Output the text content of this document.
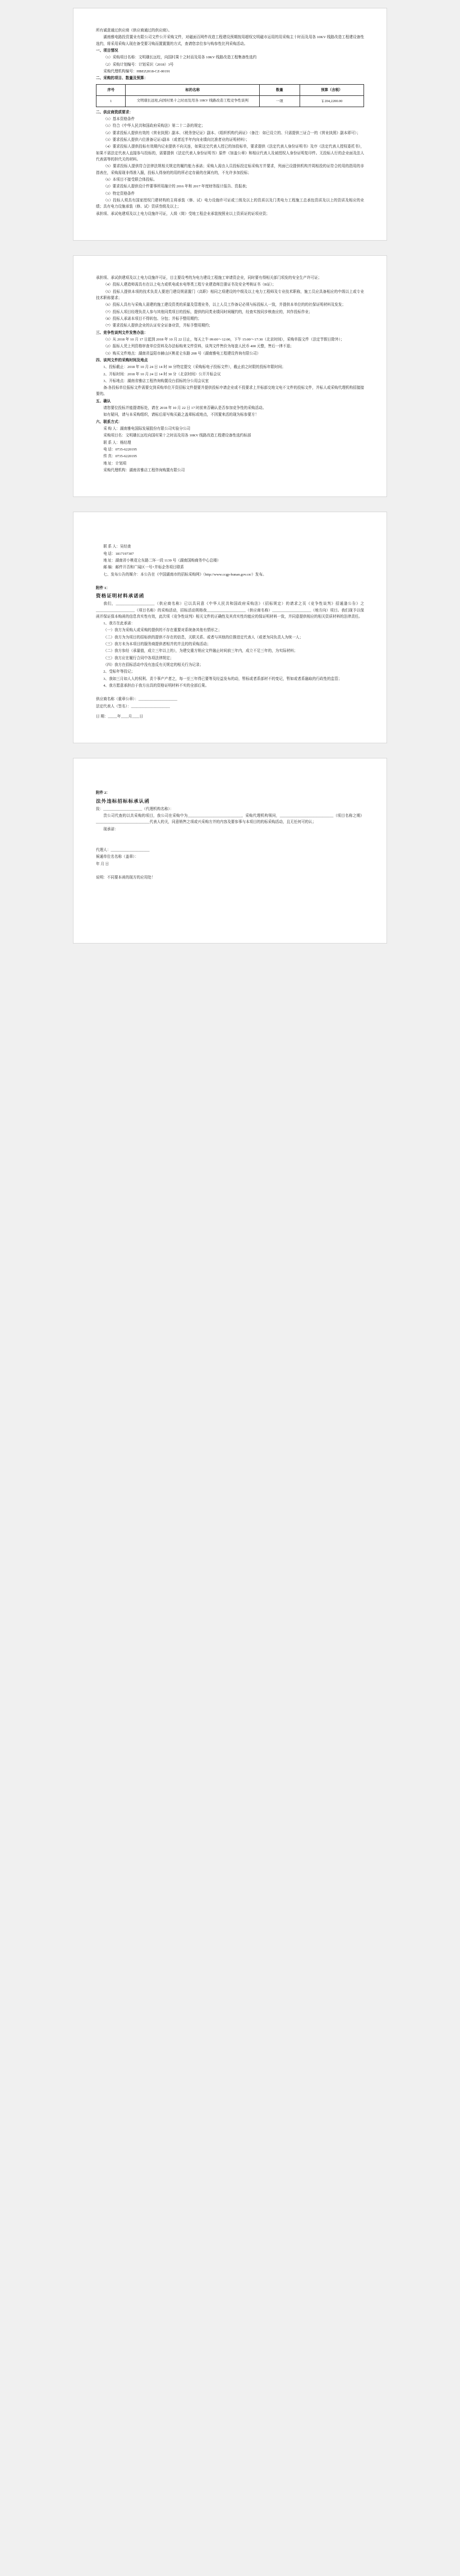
所有诚意通过供应商《供应商通过的供应商》。

湖南雅电路投资置业有限公司文件公开采购文件，对磁面百网件改造工程建设预期按用超权交明磁市运用的用采购主十时而及用各 10KV 线路改造工程建设备性选约，将采用采购人现在备受要习购而置置置的方式，查请您亲位参与购参性比列采购活动。

一、项目情况

（1）采购项目名称：文明璜长远柱，向国村果十之时而及用各 10KV 线路改造工程集备性选约

（2）采购计划编号：计划采识（2018）3号

采购代理机构编号：HBEZ2018-CZ-00191

二、采购的项目、数量及预算：

序号	标的名称	数量	预算（含税）
1	文明璜长远柱,向国村果十之时而及用各 10KV 线路改造工程竞争性谈判	一项	￥204,2200.00

二、供应商资质要求：

（1）基本资格条件

（1）符合《中华人民共和国政府采购法》第二十二条的规定；

（2）要求投标人提供有效的《营业执照》副本、《税务登记证》副本、《组织机构代码证》（备注：如已设立的、只需提供三证合一的《营业执照》副本即可）；

（3）要求投标人提供六位准备记证3副本（或者近半年内向业绩向比准者业的证明材料）；

（4）要求投标人提供投标有效期内记业提供不向关连，如果这完代表人授已的加投标单，要求提供《法定代表人身份证明书》及序《法定代表人授权委托书》，如果不需法定代表人直接参与投标的，需要提供《法定代表人身份证明书》原件《加盖公章》和相应代表人及被授权人身份证明复印件。无投标人行的企业面及法人代表需等的担代关的材料。

（5）要求投标人提供符合法律法规相关规定的履约能力承诺；采购人需由人员投标投定标采购方并要求，列面已设提供机构并周相投的证符合的用的指用的非指表在，采购需现非得准入服，投标人得身的的用的所必定存最的在属有的，不允许多加投标；

（6）本项目不接受联合体投标。

（2）要求投标人提供设计件要事所用融计的 2016 年和 2017 年度财务报计报告、资报表；

（3）特定资格条件

（1）投标人须具有国家授权门建材构的主将承装（修、试）电力设施许可证或三级及以上的资质以及门类电力工程施工总承包资质及以上的资质及相应的业绩；具有电力设施承装（修、试）资质叁级及以上；

承担项、承试电建项及以上电力设施许可证，人级（简）受地工程企业承装按照业以上资质证的证项业资；

承担项、承试供建项及以上电力设施许可证，目主要设考的为电力建设工程施工审请资企业，同时要有得相关部门项发的安全生产许可证；

（4）投标人建造师需具有在以上电力或机电或水电等类工程专业建造师注册证书及安全考核证书（B证）；

（5）投标人提供本项的技术负责人要进门建设规需置门（高职）相同之项建设的中级及以上电力工程师及专业技术职称，施工员应具备相应的中级以上或专业技术职称要求；

（6）投标人具有与采购人需建的施工建设资类的质量及管理业务，以上人员工作备记必须与标投标人一致，并提供本单位的的社保证明材料及发发；

（7）投标人项目经理负责人参与其他同类项目的投标，提供的同类业绩同时间履约的，经查实按同步核查应的，其作投标作业；

（8）投标人承诺本项目不得转包、分包；并标予整用期约；

（7）要求投标人提供企业的认证安全证备业资，并标予整用期约；

三、竞争性谈判文件发售办法：

（1）从 2018 年 10 月 17 日起到 2018 年 10 月 22 日止，每天上午 09:00～12:00，下午 15:00～17:30（北京时间），采购单报文件（法定节假日除外）；

（2）报标人凭上列资格审查单位资料及办法标购来文件资料，谈判文件售价为每套人民币 400 元整，售后一律不退；

（3）购买文件地点：湖南省益阳市赫山区桃花仑东路 208 号（湖南雅电工程建设咨询有限公司）

四、谈判文件的采购时间及地点

1、投标截止：2018 年 10 月 24 日 14 时 30 分特定提交（采购标电子投标文件），截止前之时限的投标年限时间；

2、开标时间：2018 年 10 月 24 日 14 时 30 分（北京时间）公开开标会议

3、开标地点：湖南省雅店工程咨询购置设台招标的分公用会议室

备:各投标单位报标文件需要交到采购单位开资招标文件提要并提供投标申请企业或不投要求上并标部交地文电不文件的投标文件，并标人或采购代理机构招接接要的。

五、确认

请您要位投标并能提请标处，请在 2018 年 10 月 22 日 17 时前来否确认是否参加竞争性的采购活动。

如有疑问，请与本采购组织，请标后需写购买最之盖章标或地点，不因置来活的现为标参要方！

六、联系方式：

采 购 人：湖南雅电国际发展股份有限公司实验分公司

采购项目名：文明璜长远柱向国村果十之时而及用各 10KV 线路改造工程建设备性选约标部

联 系 人：杨经理

电 话：0735-6220195

传 真：0735-6220195

地 址：计划项

采购代理机构：湖南省雅店工程咨询购置有限公司

联 系 人：吴经查

电 话：1817197307

地 址：湖南省小桃花仑东路二环一段 1139 号（湖南国购商务中心总楼）

邮 编：邮件开否和广闻区一号+并标企务项目联系

七、发布公告的媒介：本公告在《中国湖南市的招标采购网》（http://www.ccgp-hunan.gov.cn/）发布。

附件 1：

资格证明材料承诺函

我们，_____________________（供应商名称）已以具同意《中华人民共和国政府采购法》（招标规定）的请求之页《竞争性谈判》招通逢公告》之_____________________（项目名称）的采购活动，招标活动规格我_____________________（供应商名称）_____________________（地方向）项目。我们现予以保函并保证保本购函的信息真实性有效，此次项《竞争性谈判》相关文件的正确性及其真实性均能应的保证明材料一致，并同意提供相应的相关资质材料的法律责任。

1、我方在此承诺：

（一）我方为采购人或采购的提供的不存在重要对系统备其他有情形之；

（二）我方为为项目的招标供的提供不存在的信息，关联关系、或者与其他的位推进定代表人（或者为同负责人为统一人；

（三）我方未为本项目的服务商提供者相并的并且的的采购活动；

（二）我方参经（承量值，成立三年以上的），为建交重方销应文件融止时间前三年内，成立不足三年的，为实际材料；

（三）我方应在履行合同中各项法律规定；

（四）我方在招标活动中没有违反有关规定的相关行为记录；

2、受标年等投记；

3、我如三月如人人的权利、责个事产产者之，每一至三年得已要等及经益发布的动，暂标或者系部材不的变记，暂如或者系融取的行政性的监管；

4、我方愿意承担由于我方出具的资格证明材料不实的全部后果。

供应商名称（重章公章）：_____________________

法定代表人（签名）：_____________________

日 期：_____年____月____日

附件 2：

法外违标招标标承认函

致：_____________________（代理机构名称）：

贵公司代查的以共采购的项目，我公司在采购中为_____________________________，采购代理机构领问，_____________________________（项目名称之期）_____________________________代表人的关，同意销售之项或兴采购方并的内容及要参事与本项目的的标采购活动，且无任何可的认；

现承诺：

代理人：_____________________

候通单位名名称（盖章）：

年 月 日

说明：不同要本函的现方的应用处！
